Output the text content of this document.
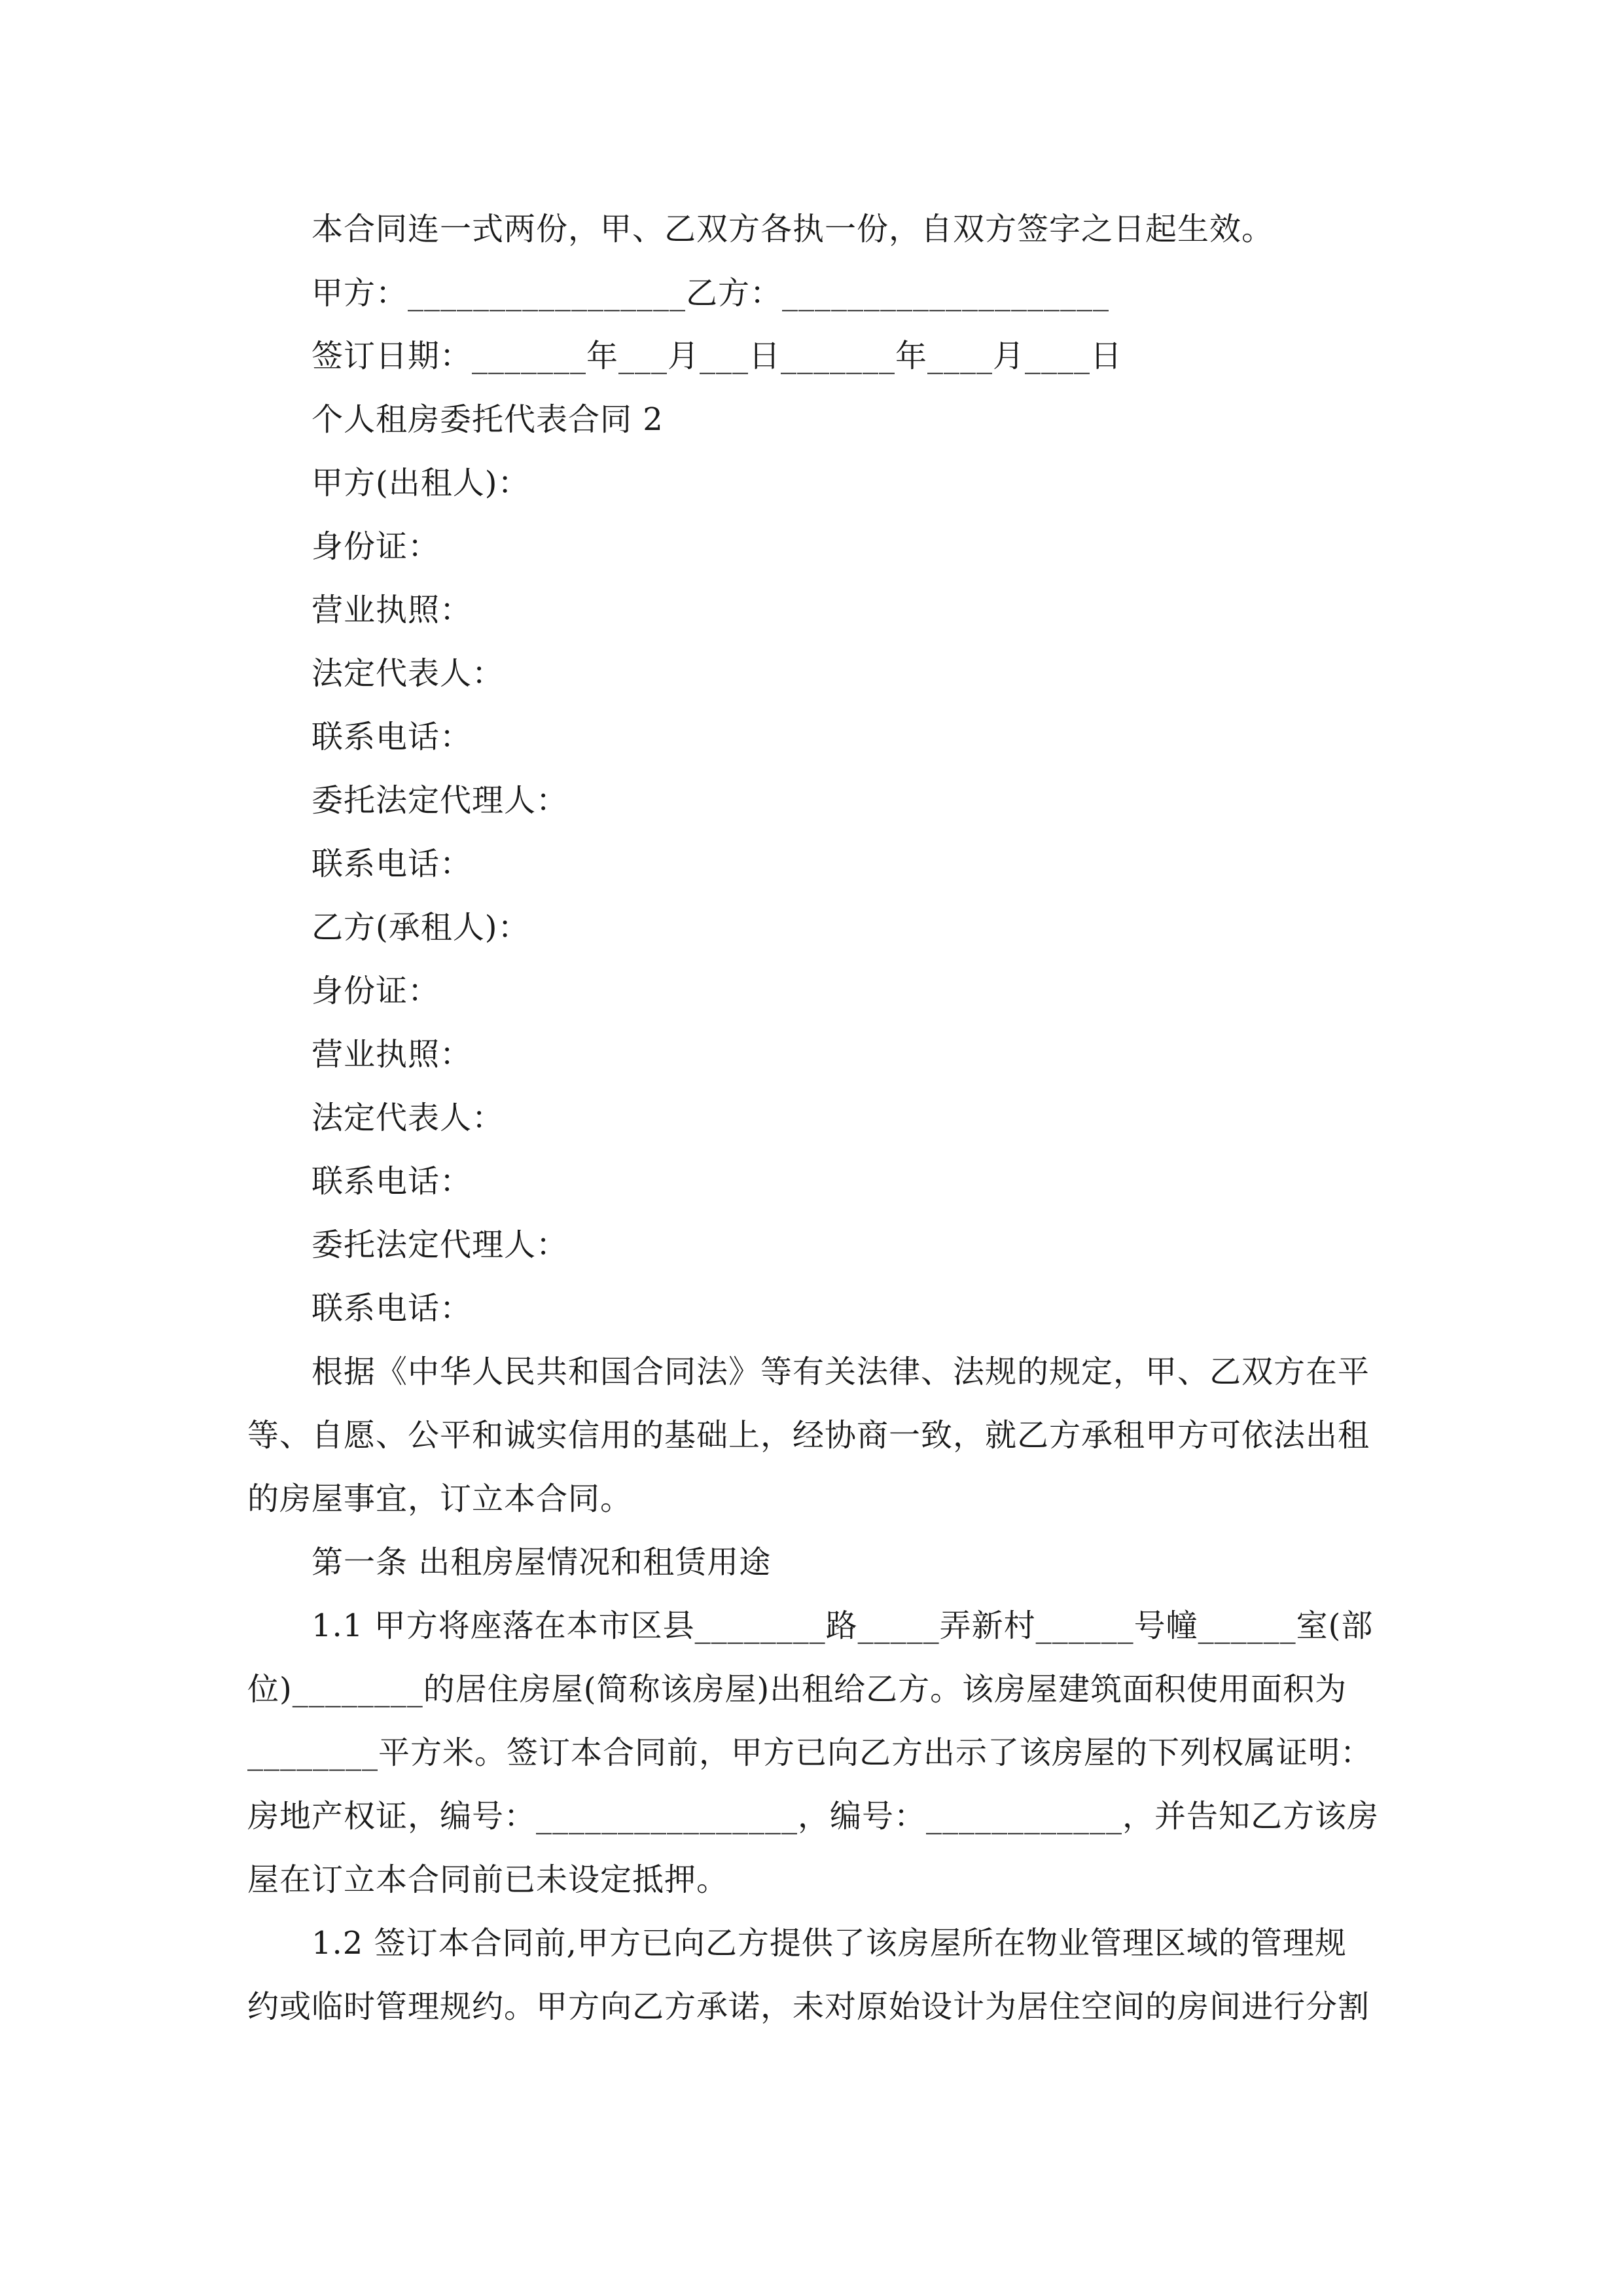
本合同连一式两份，甲、乙双方各执一份，自双方签字之日起生效。
甲方：_________________乙方：____________________
签订日期：_______年___月___日_______年____月____日
个人租房委托代表合同 2
甲方(出租人)：
身份证：
营业执照：
法定代表人：
联系电话：
委托法定代理人：
联系电话：
乙方(承租人)：
身份证：
营业执照：
法定代表人：
联系电话：
委托法定代理人：
联系电话：
根据《中华人民共和国合同法》等有关法律、法规的规定，甲、乙双方在平
等、自愿、公平和诚实信用的基础上，经协商一致，就乙方承租甲方可依法出租
的房屋事宜，订立本合同。
第一条 出租房屋情况和租赁用途
1.1 甲方将座落在本市区县________路_____弄新村______号幢______室(部
位)________的居住房屋(简称该房屋)出租给乙方。该房屋建筑面积使用面积为
________平方米。签订本合同前，甲方已向乙方出示了该房屋的下列权属证明：
房地产权证，编号：________________，编号：____________，并告知乙方该房
屋在订立本合同前已未设定抵押。
1.2 签订本合同前,甲方已向乙方提供了该房屋所在物业管理区域的管理规
约或临时管理规约。甲方向乙方承诺，未对原始设计为居住空间的房间进行分割
